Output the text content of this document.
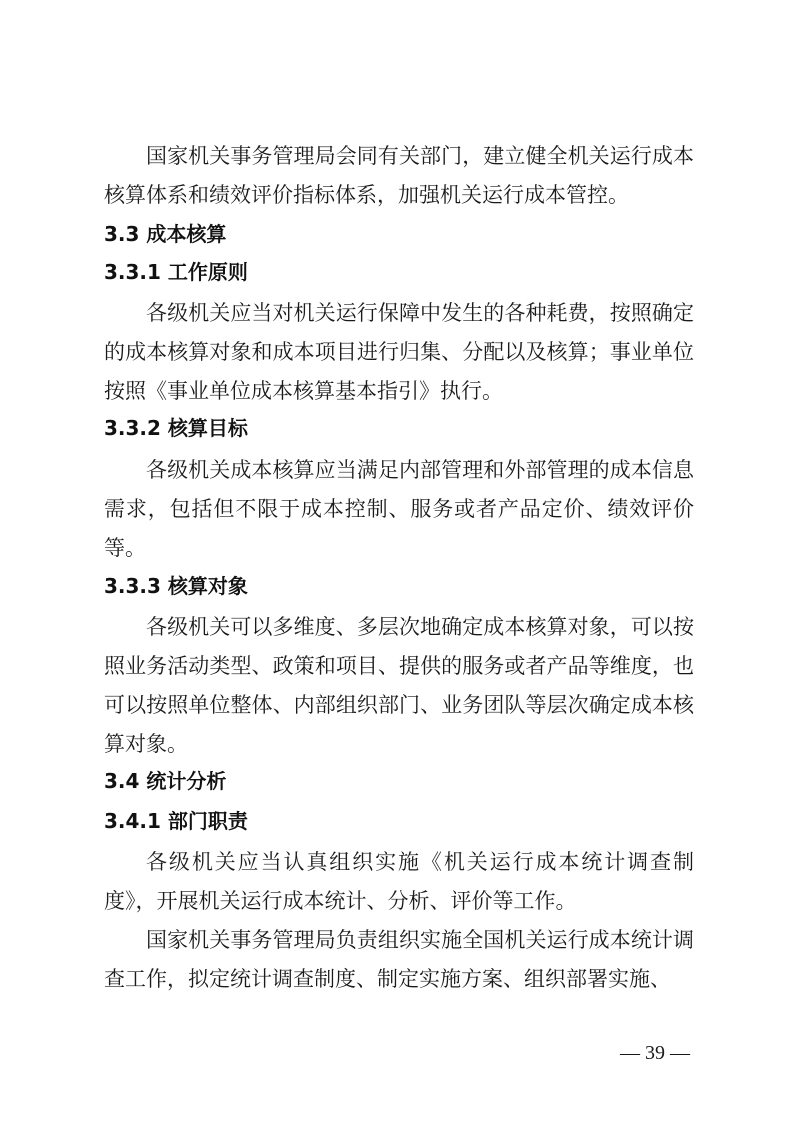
国家机关事务管理局会同有关部门，建立健全机关运行成本核算体系和绩效评价指标体系，加强机关运行成本管控。

3.3 成本核算
3.3.1 工作原则

各级机关应当对机关运行保障中发生的各种耗费，按照确定的成本核算对象和成本项目进行归集、分配以及核算；事业单位按照《事业单位成本核算基本指引》执行。

3.3.2 核算目标

各级机关成本核算应当满足内部管理和外部管理的成本信息需求，包括但不限于成本控制、服务或者产品定价、绩效评价等。

3.3.3 核算对象

各级机关可以多维度、多层次地确定成本核算对象，可以按照业务活动类型、政策和项目、提供的服务或者产品等维度，也可以按照单位整体、内部组织部门、业务团队等层次确定成本核算对象。

3.4 统计分析
3.4.1 部门职责

各级机关应当认真组织实施《机关运行成本统计调查制度》，开展机关运行成本统计、分析、评价等工作。

国家机关事务管理局负责组织实施全国机关运行成本统计调查工作，拟定统计调查制度、制定实施方案、组织部署实施、

— 39 —
